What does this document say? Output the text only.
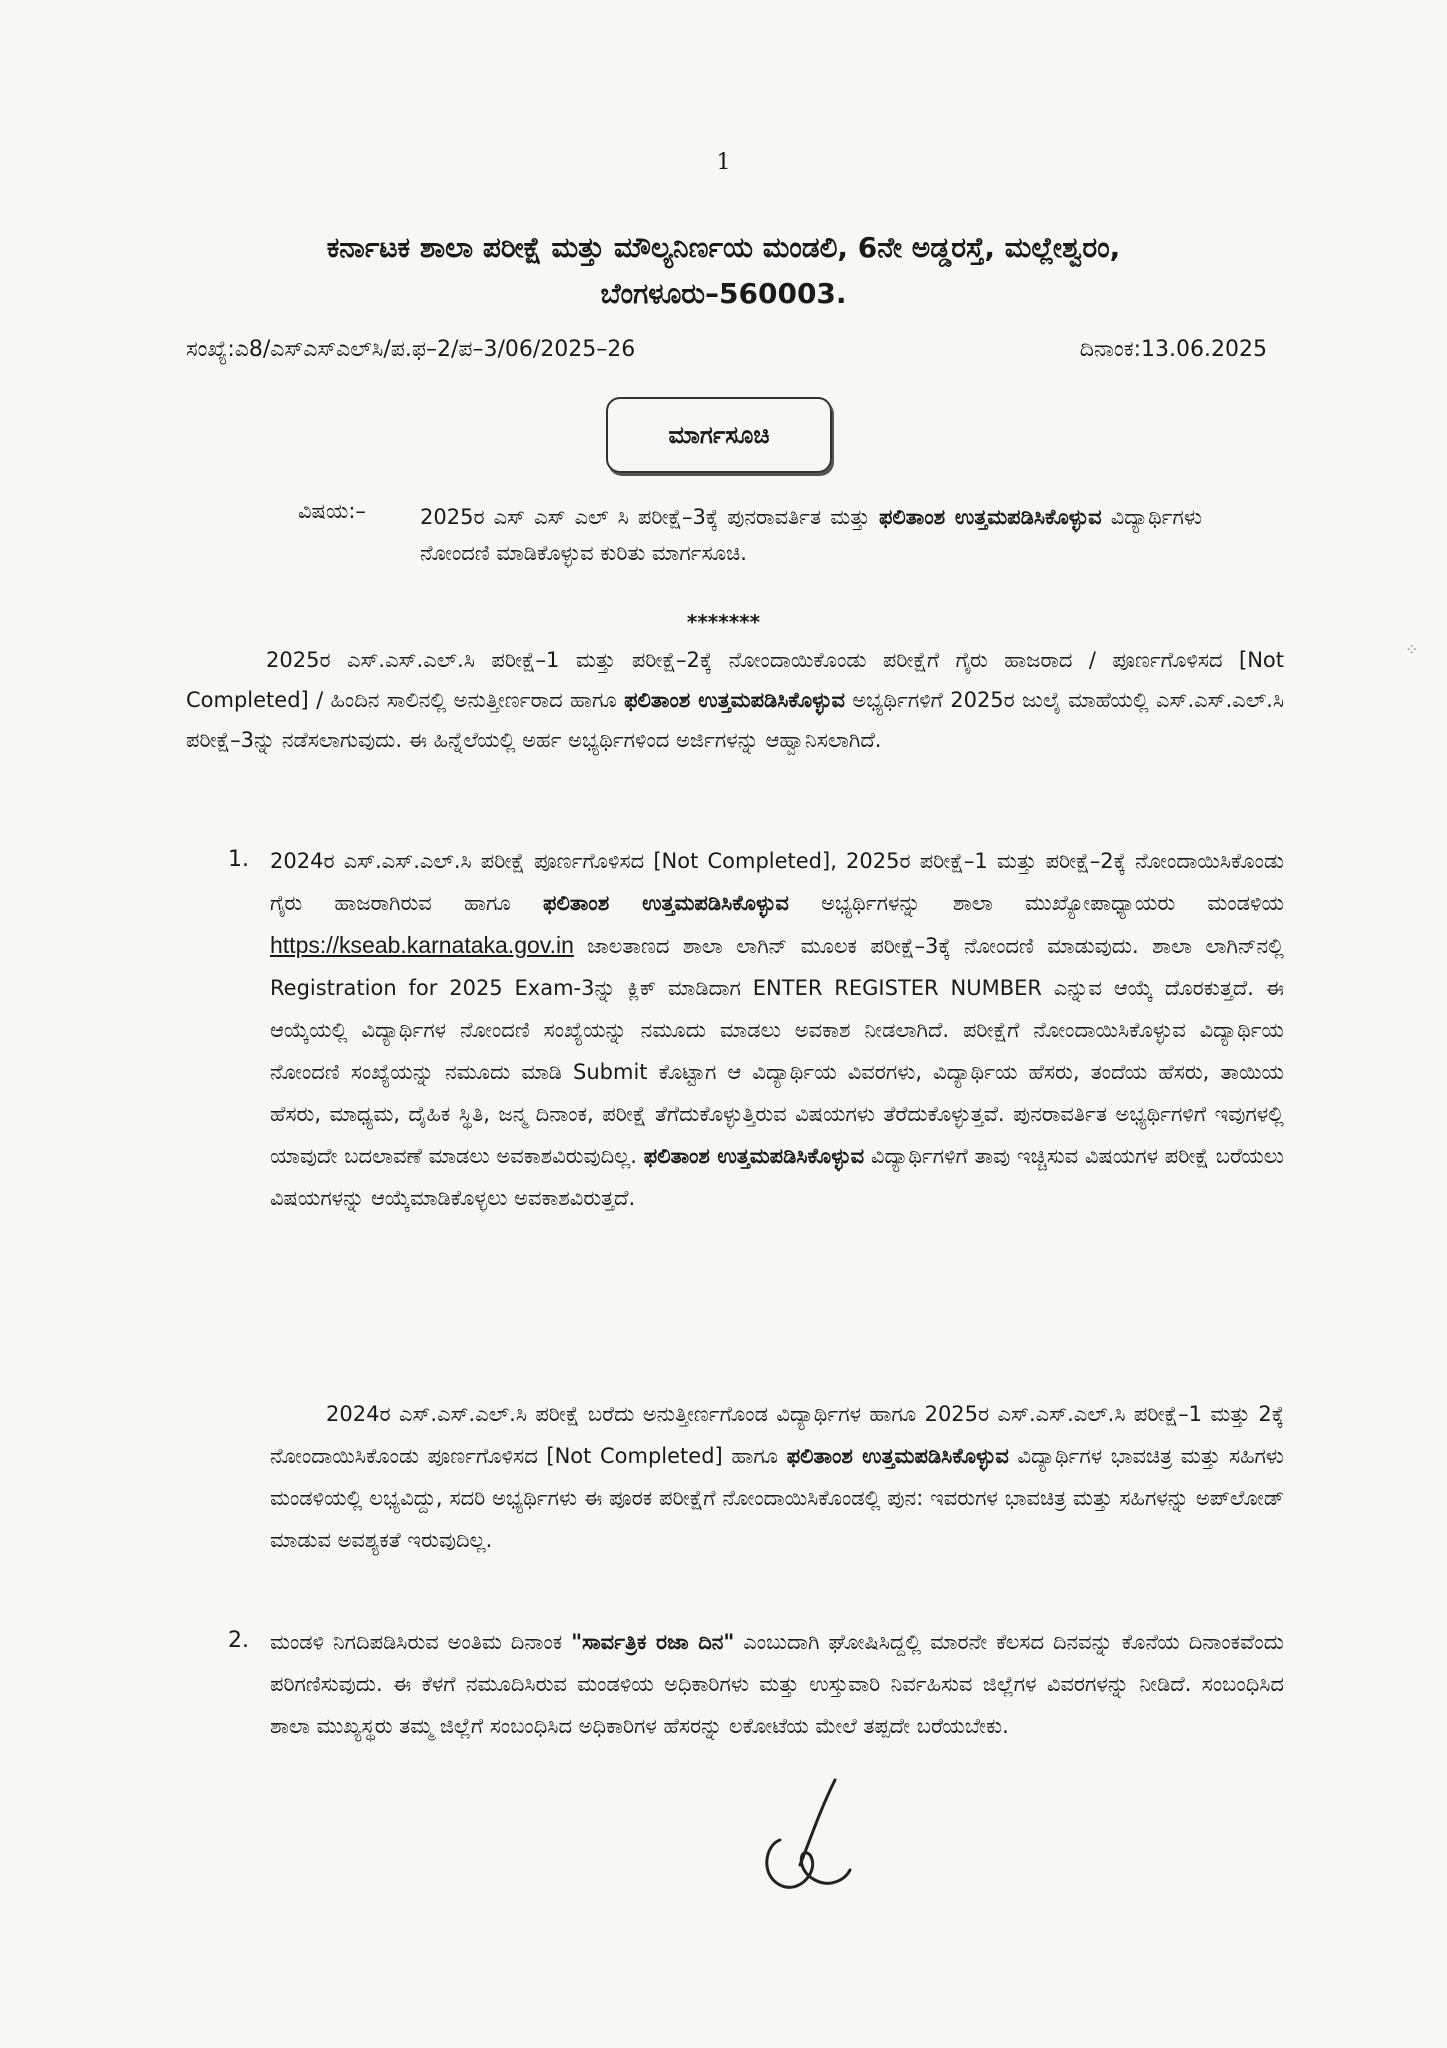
1
ಕರ್ನಾಟಕ ಶಾಲಾ ಪರೀಕ್ಷೆ ಮತ್ತು ಮೌಲ್ಯನಿರ್ಣಯ ಮಂಡಲಿ, 6ನೇ ಅಡ್ಡರಸ್ತೆ, ಮಲ್ಲೇಶ್ವರಂ,
ಬೆಂಗಳೂರು–560003.
ಸಂಖ್ಯೆ:ಎ8/ಎಸ್ಎಸ್ಎಲ್‌ಸಿ/ಪ.ಫ–2/ಪ–3/06/2025–26	ದಿನಾಂಕ:13.06.2025
ಮಾರ್ಗಸೂಚಿ
ವಿಷಯ:–	2025ರ ಎಸ್ ಎಸ್ ಎಲ್ ಸಿ ಪರೀಕ್ಷೆ–3ಕ್ಕೆ ಪುನರಾವರ್ತಿತ ಮತ್ತು ಫಲಿತಾಂಶ ಉತ್ತಮಪಡಿಸಿಕೊಳ್ಳುವ ವಿದ್ಯಾರ್ಥಿಗಳು ನೋಂದಣಿ ಮಾಡಿಕೊಳ್ಳುವ ಕುರಿತು ಮಾರ್ಗಸೂಚಿ.
*******
2025ರ ಎಸ್.ಎಸ್.ಎಲ್.ಸಿ ಪರೀಕ್ಷೆ–1 ಮತ್ತು ಪರೀಕ್ಷೆ–2ಕ್ಕೆ ನೋಂದಾಯಿಕೊಂಡು ಪರೀಕ್ಷೆಗೆ ಗೈರು ಹಾಜರಾದ / ಪೂರ್ಣಗೊಳಿಸದ [Not Completed] / ಹಿಂದಿನ ಸಾಲಿನಲ್ಲಿ ಅನುತ್ತೀರ್ಣರಾದ ಹಾಗೂ ಫಲಿತಾಂಶ ಉತ್ತಮಪಡಿಸಿಕೊಳ್ಳುವ ಅಭ್ಯರ್ಥಿಗಳಿಗೆ 2025ರ ಜುಲೈ ಮಾಹೆಯಲ್ಲಿ ಎಸ್.ಎಸ್.ಎಲ್.ಸಿ ಪರೀಕ್ಷೆ–3ನ್ನು ನಡೆಸಲಾಗುವುದು. ಈ ಹಿನ್ನೆಲೆಯಲ್ಲಿ ಅರ್ಹ ಅಭ್ಯರ್ಥಿಗಳಿಂದ ಅರ್ಜಿಗಳನ್ನು ಆಹ್ವಾನಿಸಲಾಗಿದೆ.
1. 2024ರ ಎಸ್.ಎಸ್.ಎಲ್.ಸಿ ಪರೀಕ್ಷೆ ಪೂರ್ಣಗೊಳಿಸದ [Not Completed], 2025ರ ಪರೀಕ್ಷೆ–1 ಮತ್ತು ಪರೀಕ್ಷೆ–2ಕ್ಕೆ ನೋಂದಾಯಿಸಿಕೊಂಡು ಗೈರು ಹಾಜರಾಗಿರುವ ಹಾಗೂ ಫಲಿತಾಂಶ ಉತ್ತಮಪಡಿಸಿಕೊಳ್ಳುವ ಅಭ್ಯರ್ಥಿಗಳನ್ನು ಶಾಲಾ ಮುಖ್ಯೋಪಾಧ್ಯಾಯರು ಮಂಡಳಿಯ https://kseab.karnataka.gov.in ಜಾಲತಾಣದ ಶಾಲಾ ಲಾಗಿನ್ ಮೂಲಕ ಪರೀಕ್ಷೆ–3ಕ್ಕೆ ನೋಂದಣಿ ಮಾಡುವುದು. ಶಾಲಾ ಲಾಗಿನ್‌ನಲ್ಲಿ Registration for 2025 Exam-3ನ್ನು ಕ್ಲಿಕ್ ಮಾಡಿದಾಗ ENTER REGISTER NUMBER ಎನ್ನುವ ಆಯ್ಕೆ ದೊರಕುತ್ತದೆ. ಈ ಆಯ್ಕೆಯಲ್ಲಿ ವಿದ್ಯಾರ್ಥಿಗಳ ನೋಂದಣಿ ಸಂಖ್ಯೆಯನ್ನು ನಮೂದು ಮಾಡಲು ಅವಕಾಶ ನೀಡಲಾಗಿದೆ. ಪರೀಕ್ಷೆಗೆ ನೋಂದಾಯಿಸಿಕೊಳ್ಳುವ ವಿದ್ಯಾರ್ಥಿಯ ನೋಂದಣಿ ಸಂಖ್ಯೆಯನ್ನು ನಮೂದು ಮಾಡಿ Submit ಕೊಟ್ಟಾಗ ಆ ವಿದ್ಯಾರ್ಥಿಯ ವಿವರಗಳು, ವಿದ್ಯಾರ್ಥಿಯ ಹೆಸರು, ತಂದೆಯ ಹೆಸರು, ತಾಯಿಯ ಹೆಸರು, ಮಾಧ್ಯಮ, ದೈಹಿಕ ಸ್ಥಿತಿ, ಜನ್ಮ ದಿನಾಂಕ, ಪರೀಕ್ಷೆ ತೆಗೆದುಕೊಳ್ಳುತ್ತಿರುವ ವಿಷಯಗಳು ತೆರೆದುಕೊಳ್ಳುತ್ತವೆ. ಪುನರಾವರ್ತಿತ ಅಭ್ಯರ್ಥಿಗಳಿಗೆ ಇವುಗಳಲ್ಲಿ ಯಾವುದೇ ಬದಲಾವಣೆ ಮಾಡಲು ಅವಕಾಶವಿರುವುದಿಲ್ಲ. ಫಲಿತಾಂಶ ಉತ್ತಮಪಡಿಸಿಕೊಳ್ಳುವ ವಿದ್ಯಾರ್ಥಿಗಳಿಗೆ ತಾವು ಇಚ್ಚಿಸುವ ವಿಷಯಗಳ ಪರೀಕ್ಷೆ ಬರೆಯಲು ವಿಷಯಗಳನ್ನು ಆಯ್ಕೆಮಾಡಿಕೊಳ್ಳಲು ಅವಕಾಶವಿರುತ್ತದೆ.
2024ರ ಎಸ್.ಎಸ್.ಎಲ್.ಸಿ ಪರೀಕ್ಷೆ ಬರೆದು ಅನುತ್ತೀರ್ಣಗೊಂಡ ವಿದ್ಯಾರ್ಥಿಗಳ ಹಾಗೂ 2025ರ ಎಸ್.ಎಸ್.ಎಲ್.ಸಿ ಪರೀಕ್ಷೆ–1 ಮತ್ತು 2ಕ್ಕೆ ನೋಂದಾಯಿಸಿಕೊಂಡು ಪೂರ್ಣಗೊಳಿಸದ [Not Completed] ಹಾಗೂ ಫಲಿತಾಂಶ ಉತ್ತಮಪಡಿಸಿಕೊಳ್ಳುವ ವಿದ್ಯಾರ್ಥಿಗಳ ಭಾವಚಿತ್ರ ಮತ್ತು ಸಹಿಗಳು ಮಂಡಳಿಯಲ್ಲಿ ಲಭ್ಯವಿದ್ದು, ಸದರಿ ಅಭ್ಯರ್ಥಿಗಳು ಈ ಪೂರಕ ಪರೀಕ್ಷೆಗೆ ನೋಂದಾಯಿಸಿಕೊಂಡಲ್ಲಿ ಪುನ: ಇವರುಗಳ ಭಾವಚಿತ್ರ ಮತ್ತು ಸಹಿಗಳನ್ನು ಅಪ್‌ಲೋಡ್ ಮಾಡುವ ಅವಶ್ಯಕತೆ ಇರುವುದಿಲ್ಲ.
2. ಮಂಡಳಿ ನಿಗದಿಪಡಿಸಿರುವ ಅಂತಿಮ ದಿನಾಂಕ "ಸಾರ್ವತ್ರಿಕ ರಜಾ ದಿನ" ಎಂಬುದಾಗಿ ಘೋಷಿಸಿದ್ದಲ್ಲಿ ಮಾರನೇ ಕೆಲಸದ ದಿನವನ್ನು ಕೊನೆಯ ದಿನಾಂಕವೆಂದು ಪರಿಗಣಿಸುವುದು. ಈ ಕೆಳಗೆ ನಮೂದಿಸಿರುವ ಮಂಡಳಿಯ ಅಧಿಕಾರಿಗಳು ಮತ್ತು ಉಸ್ತುವಾರಿ ನಿರ್ವಹಿಸುವ ಜಿಲ್ಲೆಗಳ ವಿವರಗಳನ್ನು ನೀಡಿದೆ. ಸಂಬಂಧಿಸಿದ ಶಾಲಾ ಮುಖ್ಯಸ್ಥರು ತಮ್ಮ ಜಿಲ್ಲೆಗೆ ಸಂಬಂಧಿಸಿದ ಅಧಿಕಾರಿಗಳ ಹೆಸರನ್ನು ಲಕೋಟೆಯ ಮೇಲೆ ತಪ್ಪದೇ ಬರೆಯಬೇಕು.
⁘
